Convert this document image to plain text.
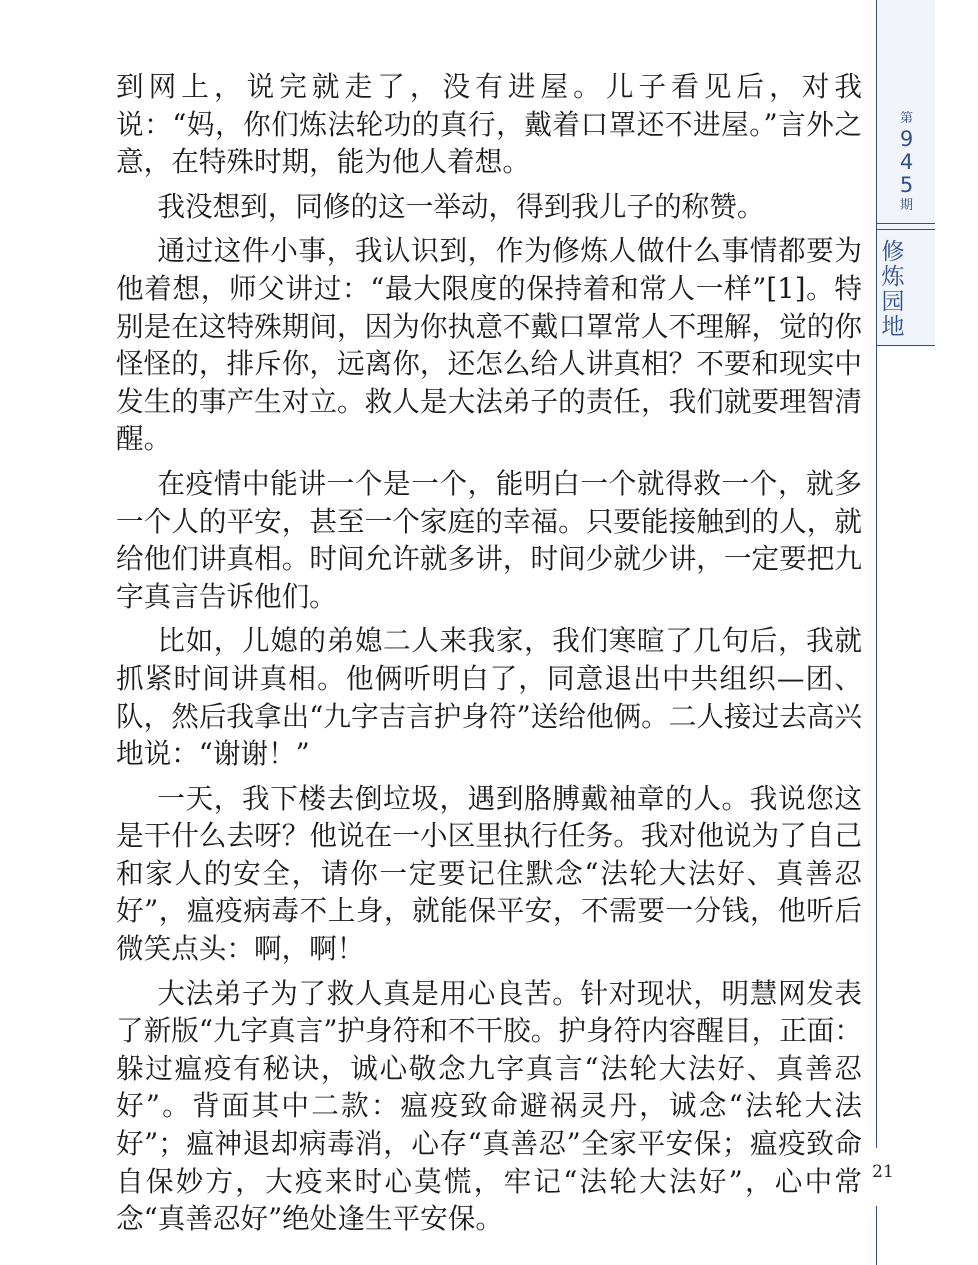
第
9
4
5
期
修
炼
园
地

到网上，说完就走了，没有进屋。儿子看见后，对我说：“妈，你们炼法轮功的真行，戴着口罩还不进屋。”言外之意，在特殊时期，能为他人着想。

我没想到，同修的这一举动，得到我儿子的称赞。

通过这件小事，我认识到，作为修炼人做什么事情都要为他着想，师父讲过：“最大限度的保持着和常人一样”[1]。特别是在这特殊期间，因为你执意不戴口罩常人不理解，觉的你怪怪的，排斥你，远离你，还怎么给人讲真相？不要和现实中发生的事产生对立。救人是大法弟子的责任，我们就要理智清醒。

在疫情中能讲一个是一个，能明白一个就得救一个，就多一个人的平安，甚至一个家庭的幸福。只要能接触到的人，就给他们讲真相。时间允许就多讲，时间少就少讲，一定要把九字真言告诉他们。

比如，儿媳的弟媳二人来我家，我们寒暄了几句后，我就抓紧时间讲真相。他俩听明白了，同意退出中共组织—团、队，然后我拿出“九字吉言护身符”送给他俩。二人接过去高兴地说：“谢谢！”

一天，我下楼去倒垃圾，遇到胳膊戴袖章的人。我说您这是干什么去呀？他说在一小区里执行任务。我对他说为了自己和家人的安全，请你一定要记住默念“法轮大法好、真善忍好”，瘟疫病毒不上身，就能保平安，不需要一分钱，他听后微笑点头：啊，啊！

大法弟子为了救人真是用心良苦。针对现状，明慧网发表了新版“九字真言”护身符和不干胶。护身符内容醒目，正面：躲过瘟疫有秘诀，诚心敬念九字真言“法轮大法好、真善忍好”。背面其中二款：瘟疫致命避祸灵丹，诚念“法轮大法好”；瘟神退却病毒消，心存“真善忍”全家平安保；瘟疫致命自保妙方，大疫来时心莫慌，牢记“法轮大法好”，心中常念“真善忍好”绝处逢生平安保。

21
